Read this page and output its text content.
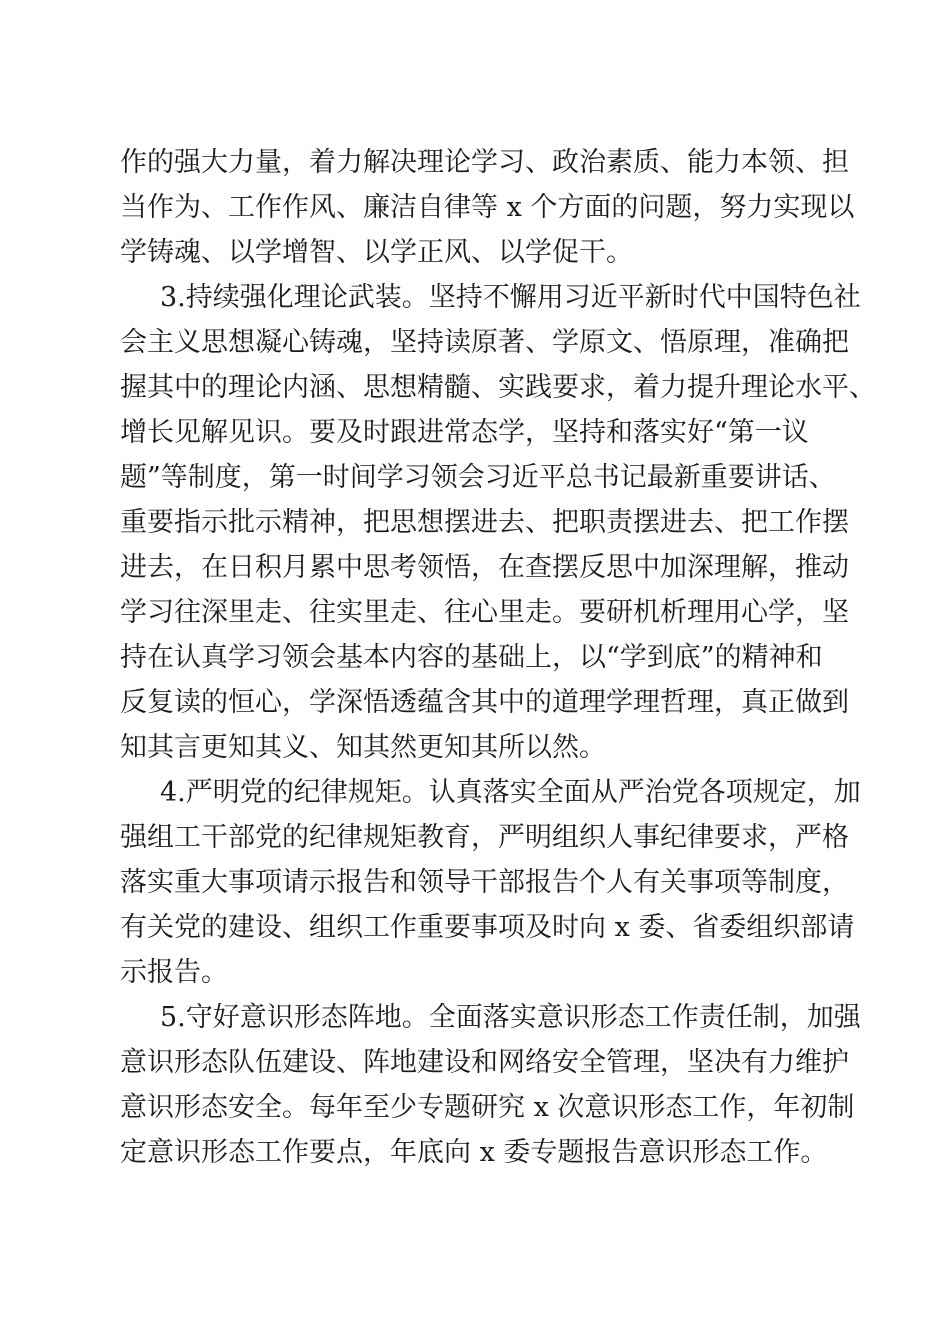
作的强大力量，着力解决理论学习、政治素质、能力本领、担
当作为、工作作风、廉洁自律等 x 个方面的问题，努力实现以
学铸魂、以学增智、以学正风、以学促干。
3.持续强化理论武装。坚持不懈用习近平新时代中国特色社
会主义思想凝心铸魂，坚持读原著、学原文、悟原理，准确把
握其中的理论内涵、思想精髓、实践要求，着力提升理论水平、
增长见解见识。要及时跟进常态学，坚持和落实好“第一议
题”等制度，第一时间学习领会习近平总书记最新重要讲话、
重要指示批示精神，把思想摆进去、把职责摆进去、把工作摆
进去，在日积月累中思考领悟，在查摆反思中加深理解，推动
学习往深里走、往实里走、往心里走。要研机析理用心学，坚
持在认真学习领会基本内容的基础上，以“学到底”的精神和
反复读的恒心，学深悟透蕴含其中的道理学理哲理，真正做到
知其言更知其义、知其然更知其所以然。
4.严明党的纪律规矩。认真落实全面从严治党各项规定，加
强组工干部党的纪律规矩教育，严明组织人事纪律要求，严格
落实重大事项请示报告和领导干部报告个人有关事项等制度，
有关党的建设、组织工作重要事项及时向 x 委、省委组织部请
示报告。
5.守好意识形态阵地。全面落实意识形态工作责任制，加强
意识形态队伍建设、阵地建设和网络安全管理，坚决有力维护
意识形态安全。每年至少专题研究 x 次意识形态工作，年初制
定意识形态工作要点，年底向 x 委专题报告意识形态工作。
